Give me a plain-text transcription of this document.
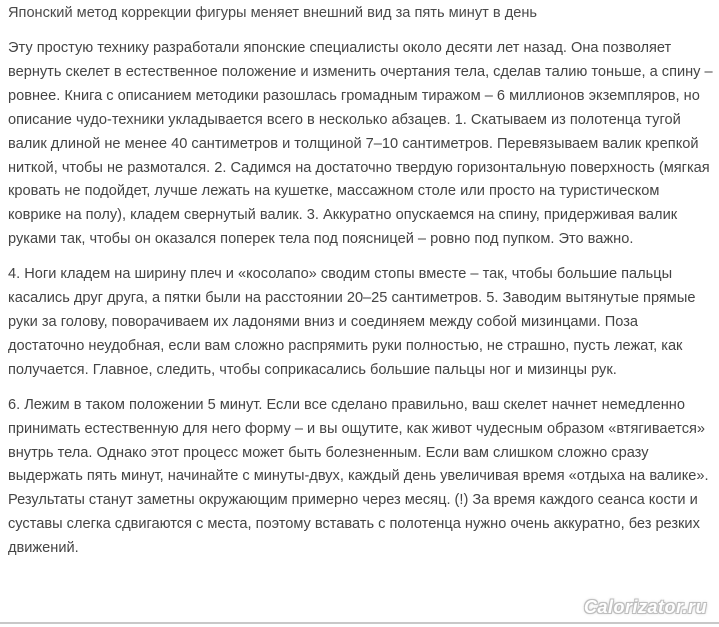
Японский метод коррекции фигуры меняет внешний вид за пять минут в день

Эту простую технику разработали японские специалисты около десяти лет назад. Она позволяет вернуть скелет в естественное положение и изменить очертания тела, сделав талию тоньше, а спину – ровнее. Книга с описанием методики разошлась громадным тиражом – 6 миллионов экземпляров, но описание чудо-техники укладывается всего в несколько абзацев. 1. Скатываем из полотенца тугой валик длиной не менее 40 сантиметров и толщиной 7–10 сантиметров. Перевязываем валик крепкой ниткой, чтобы не размотался. 2. Садимся на достаточно твердую горизонтальную поверхность (мягкая кровать не подойдет, лучше лежать на кушетке, массажном столе или просто на туристическом коврике на полу), кладем свернутый валик. 3. Аккуратно опускаемся на спину, придерживая валик руками так, чтобы он оказался поперек тела под поясницей – ровно под пупком. Это важно.

4. Ноги кладем на ширину плеч и «косолапо» сводим стопы вместе – так, чтобы большие пальцы касались друг друга, а пятки были на расстоянии 20–25 сантиметров. 5. Заводим вытянутые прямые руки за голову, поворачиваем их ладонями вниз и соединяем между собой мизинцами. Поза достаточно неудобная, если вам сложно распрямить руки полностью, не страшно, пусть лежат, как получается. Главное, следить, чтобы соприкасались большие пальцы ног и мизинцы рук.

6. Лежим в таком положении 5 минут. Если все сделано правильно, ваш скелет начнет немедленно принимать естественную для него форму – и вы ощутите, как живот чудесным образом «втягивается» внутрь тела. Однако этот процесс может быть болезненным. Если вам слишком сложно сразу выдержать пять минут, начинайте с минуты-двух, каждый день увеличивая время «отдыха на валике». Результаты станут заметны окружающим примерно через месяц. (!) За время каждого сеанса кости и суставы слегка сдвигаются с места, поэтому вставать с полотенца нужно очень аккуратно, без резких движений.

Calorizator.ru
